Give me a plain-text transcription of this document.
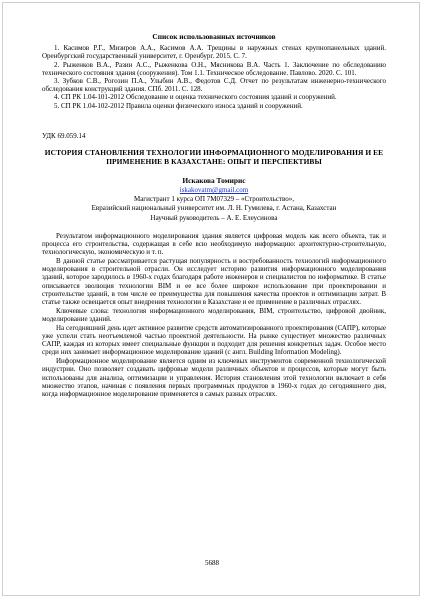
Список использованных источников

1. Касимов Р.Г., Мизиров А.А., Касимов А.А. Трещины в наружных стенах крупнопанельных зданий. Оренбургский государственный университет, г. Оренбург. 2015. С. 7.

2. Рыженков В.А., Разин А.С., Рыженкова О.Н., Мясникова В.А. Часть 1. Заключение по обследованию технического состояния здания (сооружения). Том 1.1. Техническое обследование. Павлово. 2020. С. 101.

3. Зубков С.В., Рогозин П.А., Улыбин А.В., Федотов С.Д. Отчет по результатам инженерно-технического обследования конструкций здания. СПб. 2011. С. 128.

4. СП РК 1.04-101-2012 Обследование и оценка технического состояния зданий и сооружений.

5. СП РК 1.04-102-2012 Правила оценки физического износа зданий и сооружений.

УДК 69.059.14
ИСТОРИЯ СТАНОВЛЕНИЯ ТЕХНОЛОГИИ ИНФОРМАЦИОННОГО МОДЕЛИРОВАНИЯ И ЕЕ ПРИМЕНЕНИЕ В КАЗАХСТАНЕ: ОПЫТ И ПЕРСПЕКТИВЫ
Искакова Томирис
iskakovatm@gmail.com
Магистрант 1 курса ОП 7М07329 – «Строительство»,
Евразийский национальный университет им. Л. Н. Гумилева, г. Астана, Казахстан
Научный руководитель – А. Е. Елеусинова

Результатом информационного моделирования здания является цифровая модель как всего объекта, так и процесса его строительства, содержащая в себе всю необходимую информацию: архитектурно-строительную, технологическую, экономическую и т. п.

В данной статье рассматривается растущая популярность и востребованность технологий информационного моделирования в строительной отрасли. Он исследует историю развития информационного моделирования зданий, которое зародилось в 1960-х годах благодаря работе инженеров и специалистов по информатике. В статье описывается эволюция технологии BIM и ее все более широкое использование при проектировании и строительстве зданий, в том числе ее преимущества для повышения качества проектов и оптимизации затрат. В статье также освещается опыт внедрения технологии в Казахстане и ее применение в различных отраслях.

Ключевые слова: технология информационного моделирования, BIM, строительство, цифровой двойник, моделирование зданий.

На сегодняшний день идет активное развитие средств автоматизированного проектирования (САПР), которые уже успели стать неотъемлемой частью проектной деятельности. На рынке существует множество различных САПР, каждая из которых имеет специальные функции и подходит для решения конкретных задач. Особое место среди них занимает информационное моделирование зданий (с англ. Building Information Modeling).

Информационное моделирование является одним из ключевых инструментов современной технологической индустрии. Оно позволяет создавать цифровые модели различных объектов и процессов, которые могут быть использованы для анализа, оптимизации и управления. История становления этой технологии включает в себя множество этапов, начиная с появления первых программных продуктов в 1960-х годах до сегодняшнего дня, когда информационное моделирование применяется в самых разных отраслях.

5688
